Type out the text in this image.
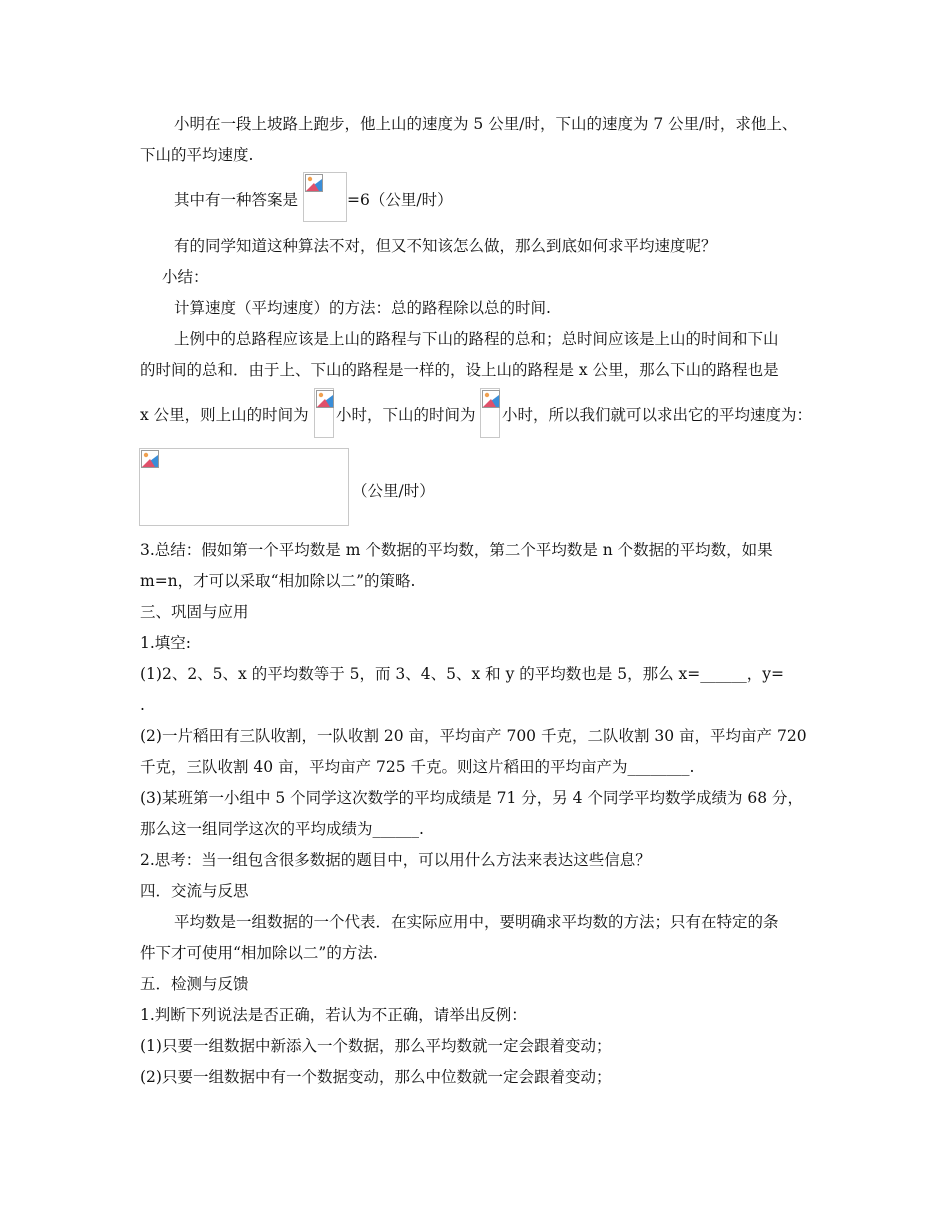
小明在一段上坡路上跑步，他上山的速度为 5 公里/时，下山的速度为 7 公里/时，求他上、
下山的平均速度.
其中有一种答案是	=6（公里/时）
有的同学知道这种算法不对，但又不知该怎么做，那么到底如何求平均速度呢？
小结：
计算速度（平均速度）的方法：总的路程除以总的时间.
上例中的总路程应该是上山的路程与下山的路程的总和；总时间应该是上山的时间和下山
的时间的总和．由于上、下山的路程是一样的，设上山的路程是 x 公里，那么下山的路程也是
x 公里，则上山的时间为 小时，下山的时间为 小时，所以我们就可以求出它的平均速度为：
（公里/时）
3.总结：假如第一个平均数是 m 个数据的平均数，第二个平均数是 n 个数据的平均数，如果
m=n，才可以采取“相加除以二”的策略.
三、巩固与应用
1.填空:
(1)2、2、5、x 的平均数等于 5，而 3、4、5、x 和 y 的平均数也是 5，那么 x=______，y=
.
(2)一片稻田有三队收割，一队收割 20 亩，平均亩产 700 千克，二队收割 30 亩，平均亩产 720
千克，三队收割 40 亩，平均亩产 725 千克。则这片稻田的平均亩产为________.
(3)某班第一小组中 5 个同学这次数学的平均成绩是 71 分，另 4 个同学平均数学成绩为 68 分，
那么这一组同学这次的平均成绩为______.
2.思考：当一组包含很多数据的题目中，可以用什么方法来表达这些信息？
四．交流与反思
平均数是一组数据的一个代表．在实际应用中，要明确求平均数的方法；只有在特定的条
件下才可使用“相加除以二”的方法.
五．检测与反馈
1.判断下列说法是否正确，若认为不正确，请举出反例：
(1)只要一组数据中新添入一个数据，那么平均数就一定会跟着变动；
(2)只要一组数据中有一个数据变动，那么中位数就一定会跟着变动；
